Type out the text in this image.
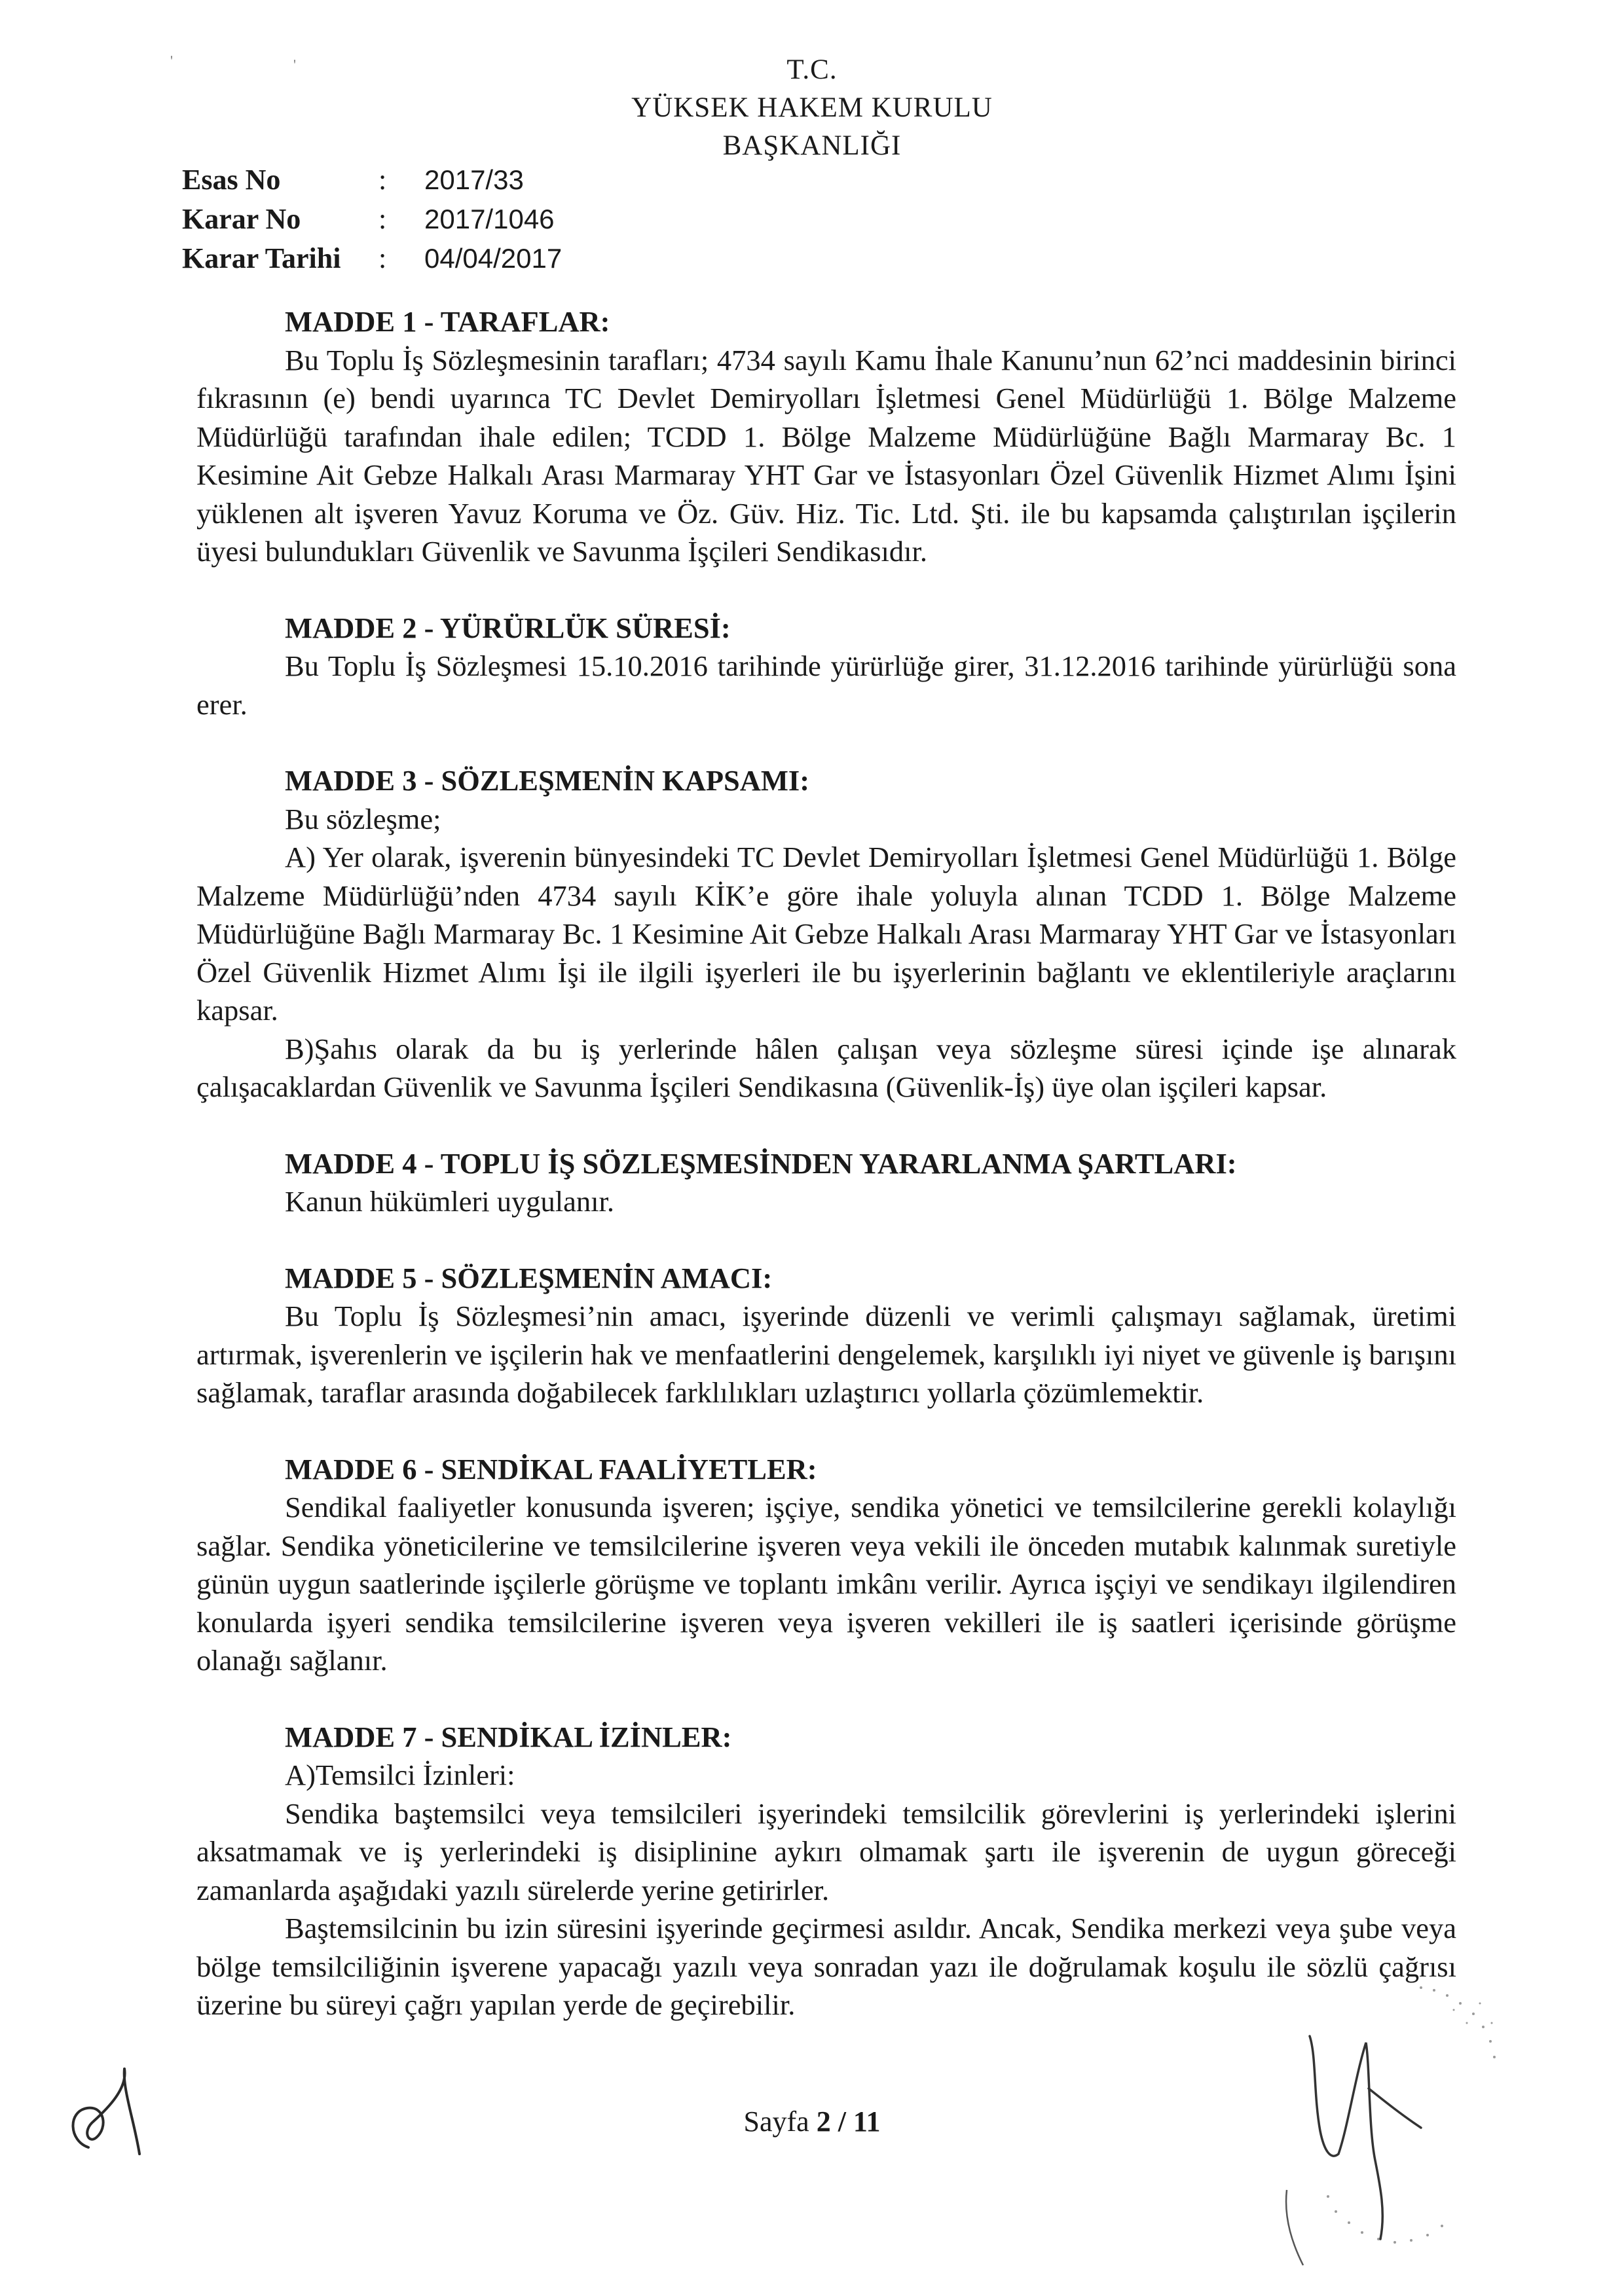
'	'	T.C.
YÜKSEK HAKEM KURULU
BAŞKANLIĞI
Esas No	:	2017/33
Karar No	:	2017/1046
Karar Tarihi	:	04/04/2017
MADDE 1 - TARAFLAR:

Bu Toplu İş Sözleşmesinin tarafları; 4734 sayılı Kamu İhale Kanunu’nun 62’nci maddesinin birinci fıkrasının (e) bendi uyarınca TC Devlet Demiryolları İşletmesi Genel Müdürlüğü 1. Bölge Malzeme Müdürlüğü tarafından ihale edilen; TCDD 1. Bölge Malzeme Müdürlüğüne Bağlı Marmaray Bc. 1 Kesimine Ait Gebze Halkalı Arası Marmaray YHT Gar ve İstasyonları Özel Güvenlik Hizmet Alımı İşini yüklenen alt işveren Yavuz Koruma ve Öz. Güv. Hiz. Tic. Ltd. Şti. ile bu kapsamda çalıştırılan işçilerin üyesi bulundukları Güvenlik ve Savunma İşçileri Sendikasıdır.

MADDE 2 - YÜRÜRLÜK SÜRESİ:

Bu Toplu İş Sözleşmesi 15.10.2016 tarihinde yürürlüğe girer, 31.12.2016 tarihinde yürürlüğü sona erer.

MADDE 3 - SÖZLEŞMENİN KAPSAMI:

Bu sözleşme;

A) Yer olarak, işverenin bünyesindeki TC Devlet Demiryolları İşletmesi Genel Müdürlüğü 1. Bölge Malzeme Müdürlüğü’nden 4734 sayılı KİK’e göre ihale yoluyla alınan TCDD 1. Bölge Malzeme Müdürlüğüne Bağlı Marmaray Bc. 1 Kesimine Ait Gebze Halkalı Arası Marmaray YHT Gar ve İstasyonları Özel Güvenlik Hizmet Alımı İşi ile ilgili işyerleri ile bu işyerlerinin bağlantı ve eklentileriyle araçlarını kapsar.

B)Şahıs olarak da bu iş yerlerinde hâlen çalışan veya sözleşme süresi içinde işe alınarak çalışacaklardan Güvenlik ve Savunma İşçileri Sendikasına (Güvenlik-İş) üye olan işçileri kapsar.

MADDE 4 - TOPLU İŞ SÖZLEŞMESİNDEN YARARLANMA ŞARTLARI:

Kanun hükümleri uygulanır.

MADDE 5 - SÖZLEŞMENİN AMACI:

Bu Toplu İş Sözleşmesi’nin amacı, işyerinde düzenli ve verimli çalışmayı sağlamak, üretimi artırmak, işverenlerin ve işçilerin hak ve menfaatlerini dengelemek, karşılıklı iyi niyet ve güvenle iş barışını sağlamak, taraflar arasında doğabilecek farklılıkları uzlaştırıcı yollarla çözümlemektir.

MADDE 6 - SENDİKAL FAALİYETLER:

Sendikal faaliyetler konusunda işveren; işçiye, sendika yönetici ve temsilcilerine gerekli kolaylığı sağlar. Sendika yöneticilerine ve temsilcilerine işveren veya vekili ile önceden mutabık kalınmak suretiyle günün uygun saatlerinde işçilerle görüşme ve toplantı imkânı verilir. Ayrıca işçiyi ve sendikayı ilgilendiren konularda işyeri sendika temsilcilerine işveren veya işveren vekilleri ile iş saatleri içerisinde görüşme olanağı sağlanır.

MADDE 7 - SENDİKAL İZİNLER:

A)Temsilci İzinleri:

Sendika baştemsilci veya temsilcileri işyerindeki temsilcilik görevlerini iş yerlerindeki işlerini aksatmamak ve iş yerlerindeki iş disiplinine aykırı olmamak şartı ile işverenin de uygun göreceği zamanlarda aşağıdaki yazılı sürelerde yerine getirirler.

Baştemsilcinin bu izin süresini işyerinde geçirmesi asıldır. Ancak, Sendika merkezi veya şube veya bölge temsilciliğinin işverene yapacağı yazılı veya sonradan yazı ile doğrulamak koşulu ile sözlü çağrısı üzerine bu süreyi çağrı yapılan yerde de geçirebilir.

Sayfa 2 / 11
